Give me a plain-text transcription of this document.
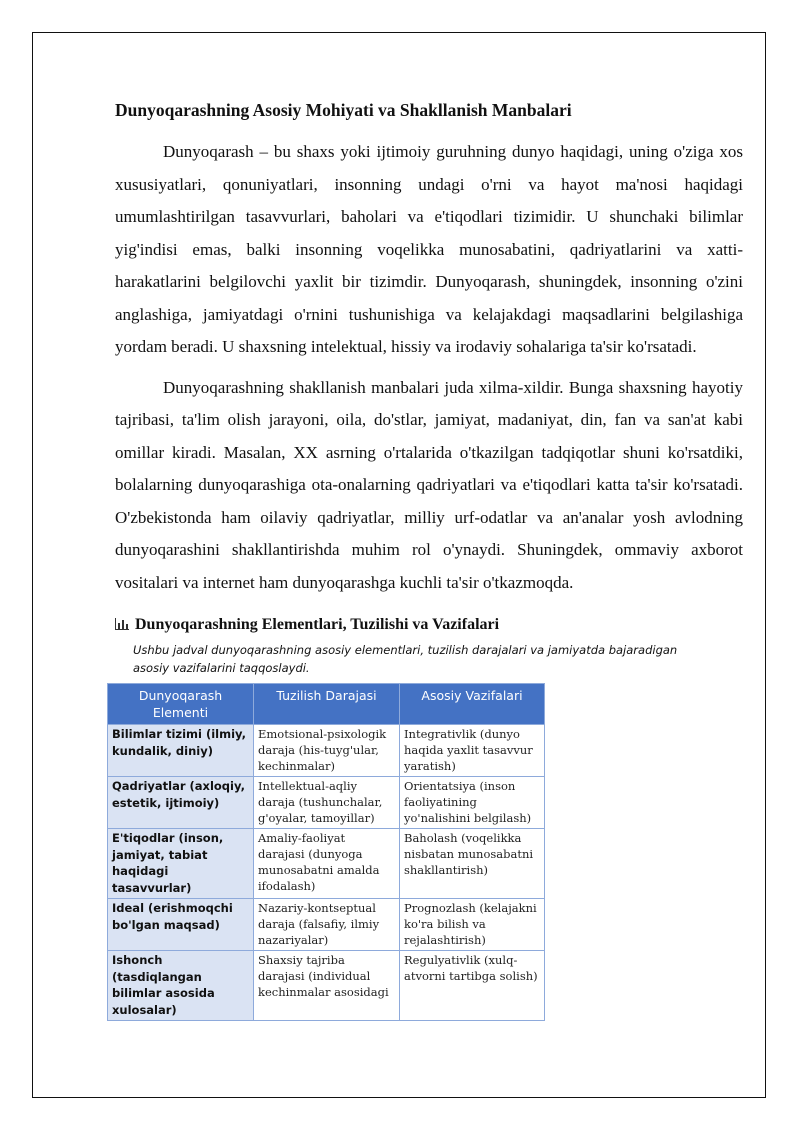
Dunyoqarashning Asosiy Mohiyati va Shakllanish Manbalari

Dunyoqarash – bu shaxs yoki ijtimoiy guruhning dunyo haqidagi, uning o'ziga xos xususiyatlari, qonuniyatlari, insonning undagi o'rni va hayot ma'nosi haqidagi umumlashtirilgan tasavvurlari, baholari va e'tiqodlari tizimidir. U shunchaki bilimlar yig'indisi emas, balki insonning voqelikka munosabatini, qadriyatlarini va xatti-harakatlarini belgilovchi yaxlit bir tizimdir. Dunyoqarash, shuningdek, insonning o'zini anglashiga, jamiyatdagi o'rnini tushunishiga va kelajakdagi maqsadlarini belgilashiga yordam beradi. U shaxsning intelektual, hissiy va irodaviy sohalariga ta'sir ko'rsatadi.

Dunyoqarashning shakllanish manbalari juda xilma-xildir. Bunga shaxsning hayotiy tajribasi, ta'lim olish jarayoni, oila, do'stlar, jamiyat, madaniyat, din, fan va san'at kabi omillar kiradi. Masalan, XX asrning o'rtalarida o'tkazilgan tadqiqotlar shuni ko'rsatdiki, bolalarning dunyoqarashiga ota-onalarning qadriyatlari va e'tiqodlari katta ta'sir ko'rsatadi. O'zbekistonda ham oilaviy qadriyatlar, milliy urf-odatlar va an'analar yosh avlodning dunyoqarashini shakllantirishda muhim rol o'ynaydi. Shuningdek, ommaviy axborot vositalari va internet ham dunyoqarashga kuchli ta'sir o'tkazmoqda.

Dunyoqarashning Elementlari, Tuzilishi va Vazifalari
Ushbu jadval dunyoqarashning asosiy elementlari, tuzilish darajalari va jamiyatda bajaradigan asosiy vazifalarini taqqoslaydi.
Dunyoqarash Elementi	Tuzilish Darajasi	Asosiy Vazifalari
Bilimlar tizimi (ilmiy, kundalik, diniy)	Emotsional-psixologik daraja (his-tuyg'ular, kechinmalar)	Integrativlik (dunyo haqida yaxlit tasavvur yaratish)
Qadriyatlar (axloqiy, estetik, ijtimoiy)	Intellektual-aqliy daraja (tushunchalar, g'oyalar, tamoyillar)	Orientatsiya (inson faoliyatining yo'nalishini belgilash)
E'tiqodlar (inson, jamiyat, tabiat haqidagi tasavvurlar)	Amaliy-faoliyat darajasi (dunyoga munosabatni amalda ifodalash)	Baholash (voqelikka nisbatan munosabatni shakllantirish)
Ideal (erishmoqchi bo'lgan maqsad)	Nazariy-kontseptual daraja (falsafiy, ilmiy nazariyalar)	Prognozlash (kelajakni ko'ra bilish va rejalashtirish)
Ishonch (tasdiqlangan bilimlar asosida xulosalar)	Shaxsiy tajriba darajasi (individual kechinmalar asosidagi	Regulyativlik (xulq-atvorni tartibga solish)
